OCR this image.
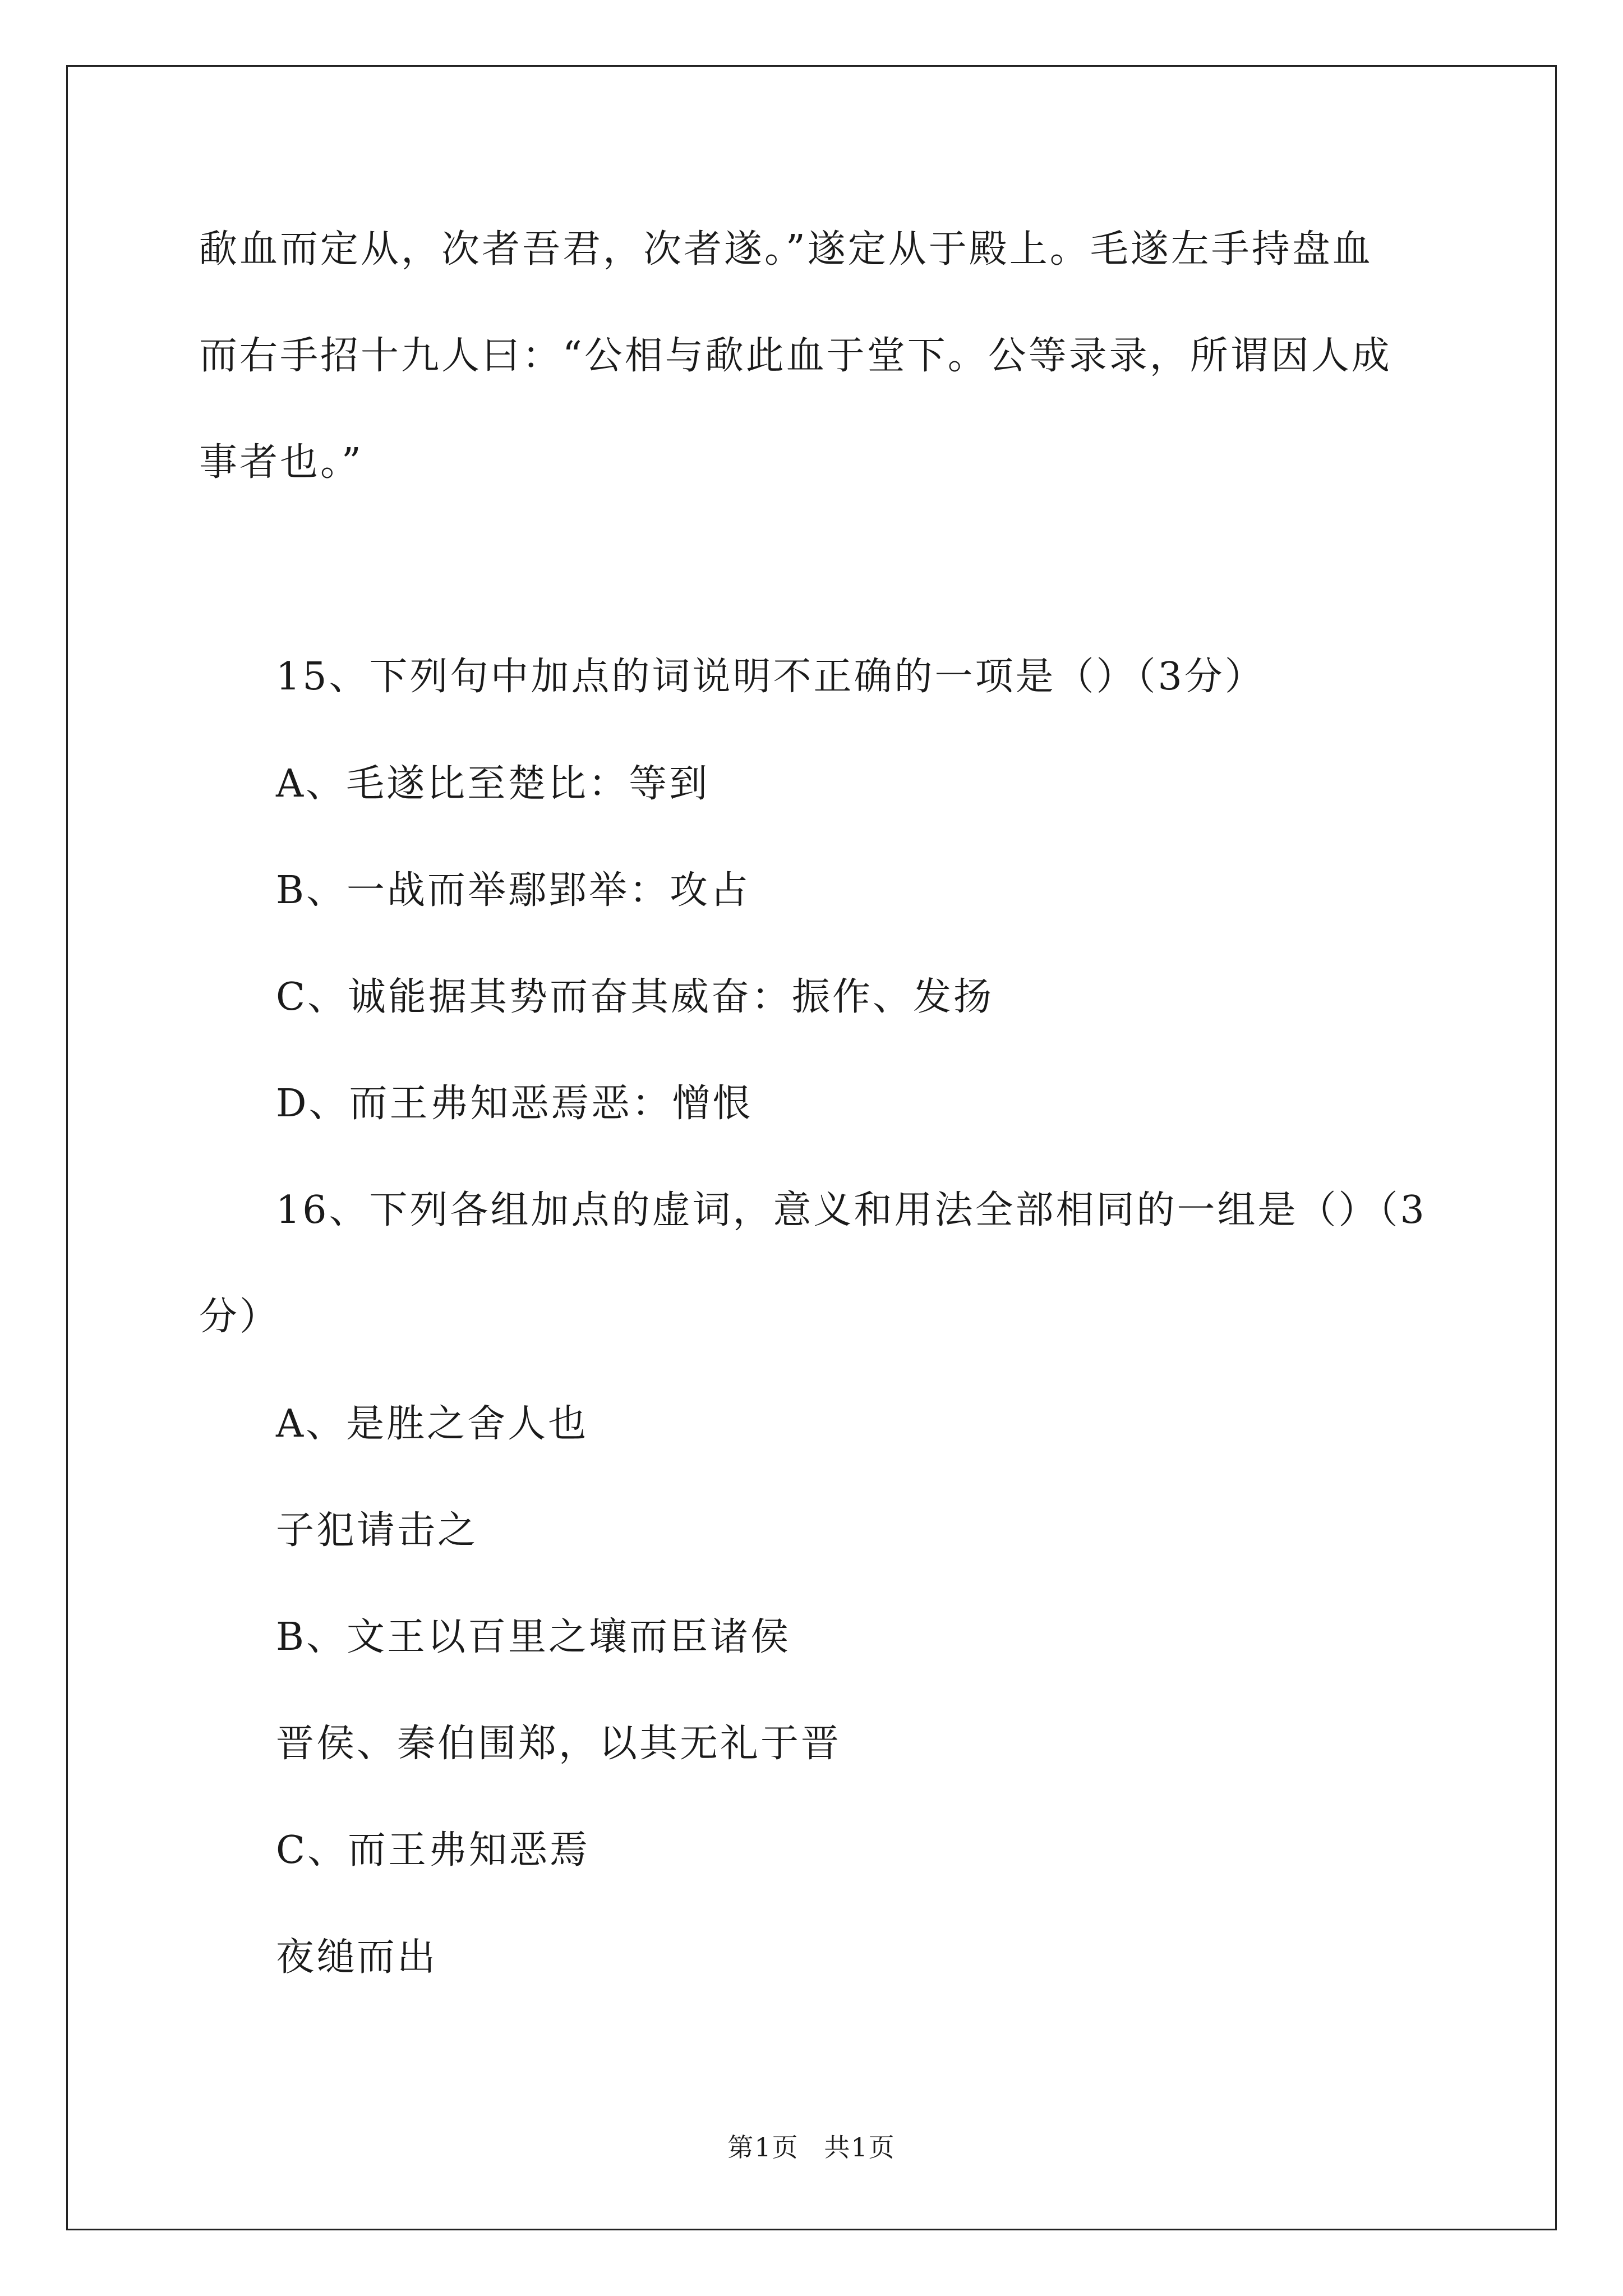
歃血而定从，次者吾君，次者遂。”遂定从于殿上。毛遂左手持盘血
而右手招十九人曰：“公相与歃此血于堂下。公等录录，所谓因人成
事者也。”
15、下列句中加点的词说明不正确的一项是（）（3分）
A、毛遂比至楚比：等到
B、一战而举鄢郢举：攻占
C、诚能据其势而奋其威奋：振作、发扬
D、而王弗知恶焉恶：憎恨
16、下列各组加点的虚词，意义和用法全部相同的一组是（）（3
分）
A、是胜之舍人也
子犯请击之
B、文王以百里之壤而臣诸侯
晋侯、秦伯围郑，以其无礼于晋
C、而王弗知恶焉
夜缒而出
第1页 共1页
